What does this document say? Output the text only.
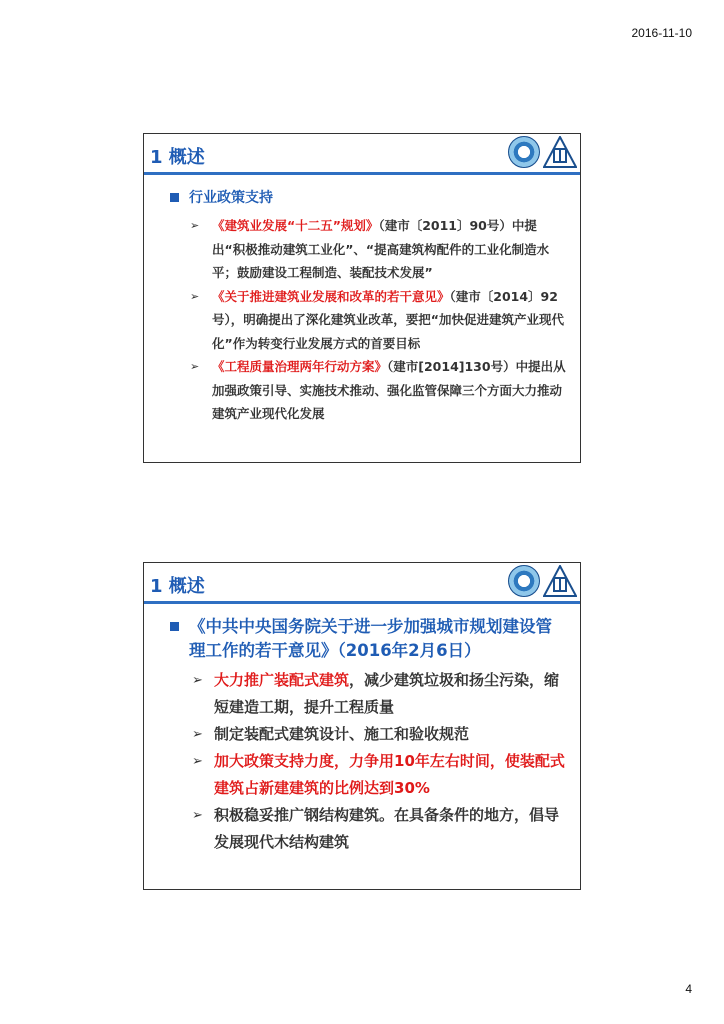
2016-11-10
1 概述
行业政策支持
➢	《建筑业发展“十二五”规划》（建市〔2011〕90号）中提出“积极推动建筑工业化”、“提高建筑构配件的工业化制造水平；鼓励建设工程制造、装配技术发展”
➢	《关于推进建筑业发展和改革的若干意见》（建市〔2014〕92号），明确提出了深化建筑业改革，要把“加快促进建筑产业现代化”作为转变行业发展方式的首要目标
➢	《工程质量治理两年行动方案》（建市[2014]130号）中提出从加强政策引导、实施技术推动、强化监管保障三个方面大力推动建筑产业现代化发展
1 概述
《中共中央国务院关于进一步加强城市规划建设管理工作的若干意见》（2016年2月6日）
➢ 大力推广装配式建筑，减少建筑垃圾和扬尘污染，缩短建造工期，提升工程质量
➢ 制定装配式建筑设计、施工和验收规范
➢ 加大政策支持力度，力争用10年左右时间，使装配式建筑占新建建筑的比例达到30%
➢ 积极稳妥推广钢结构建筑。在具备条件的地方，倡导发展现代木结构建筑
4
